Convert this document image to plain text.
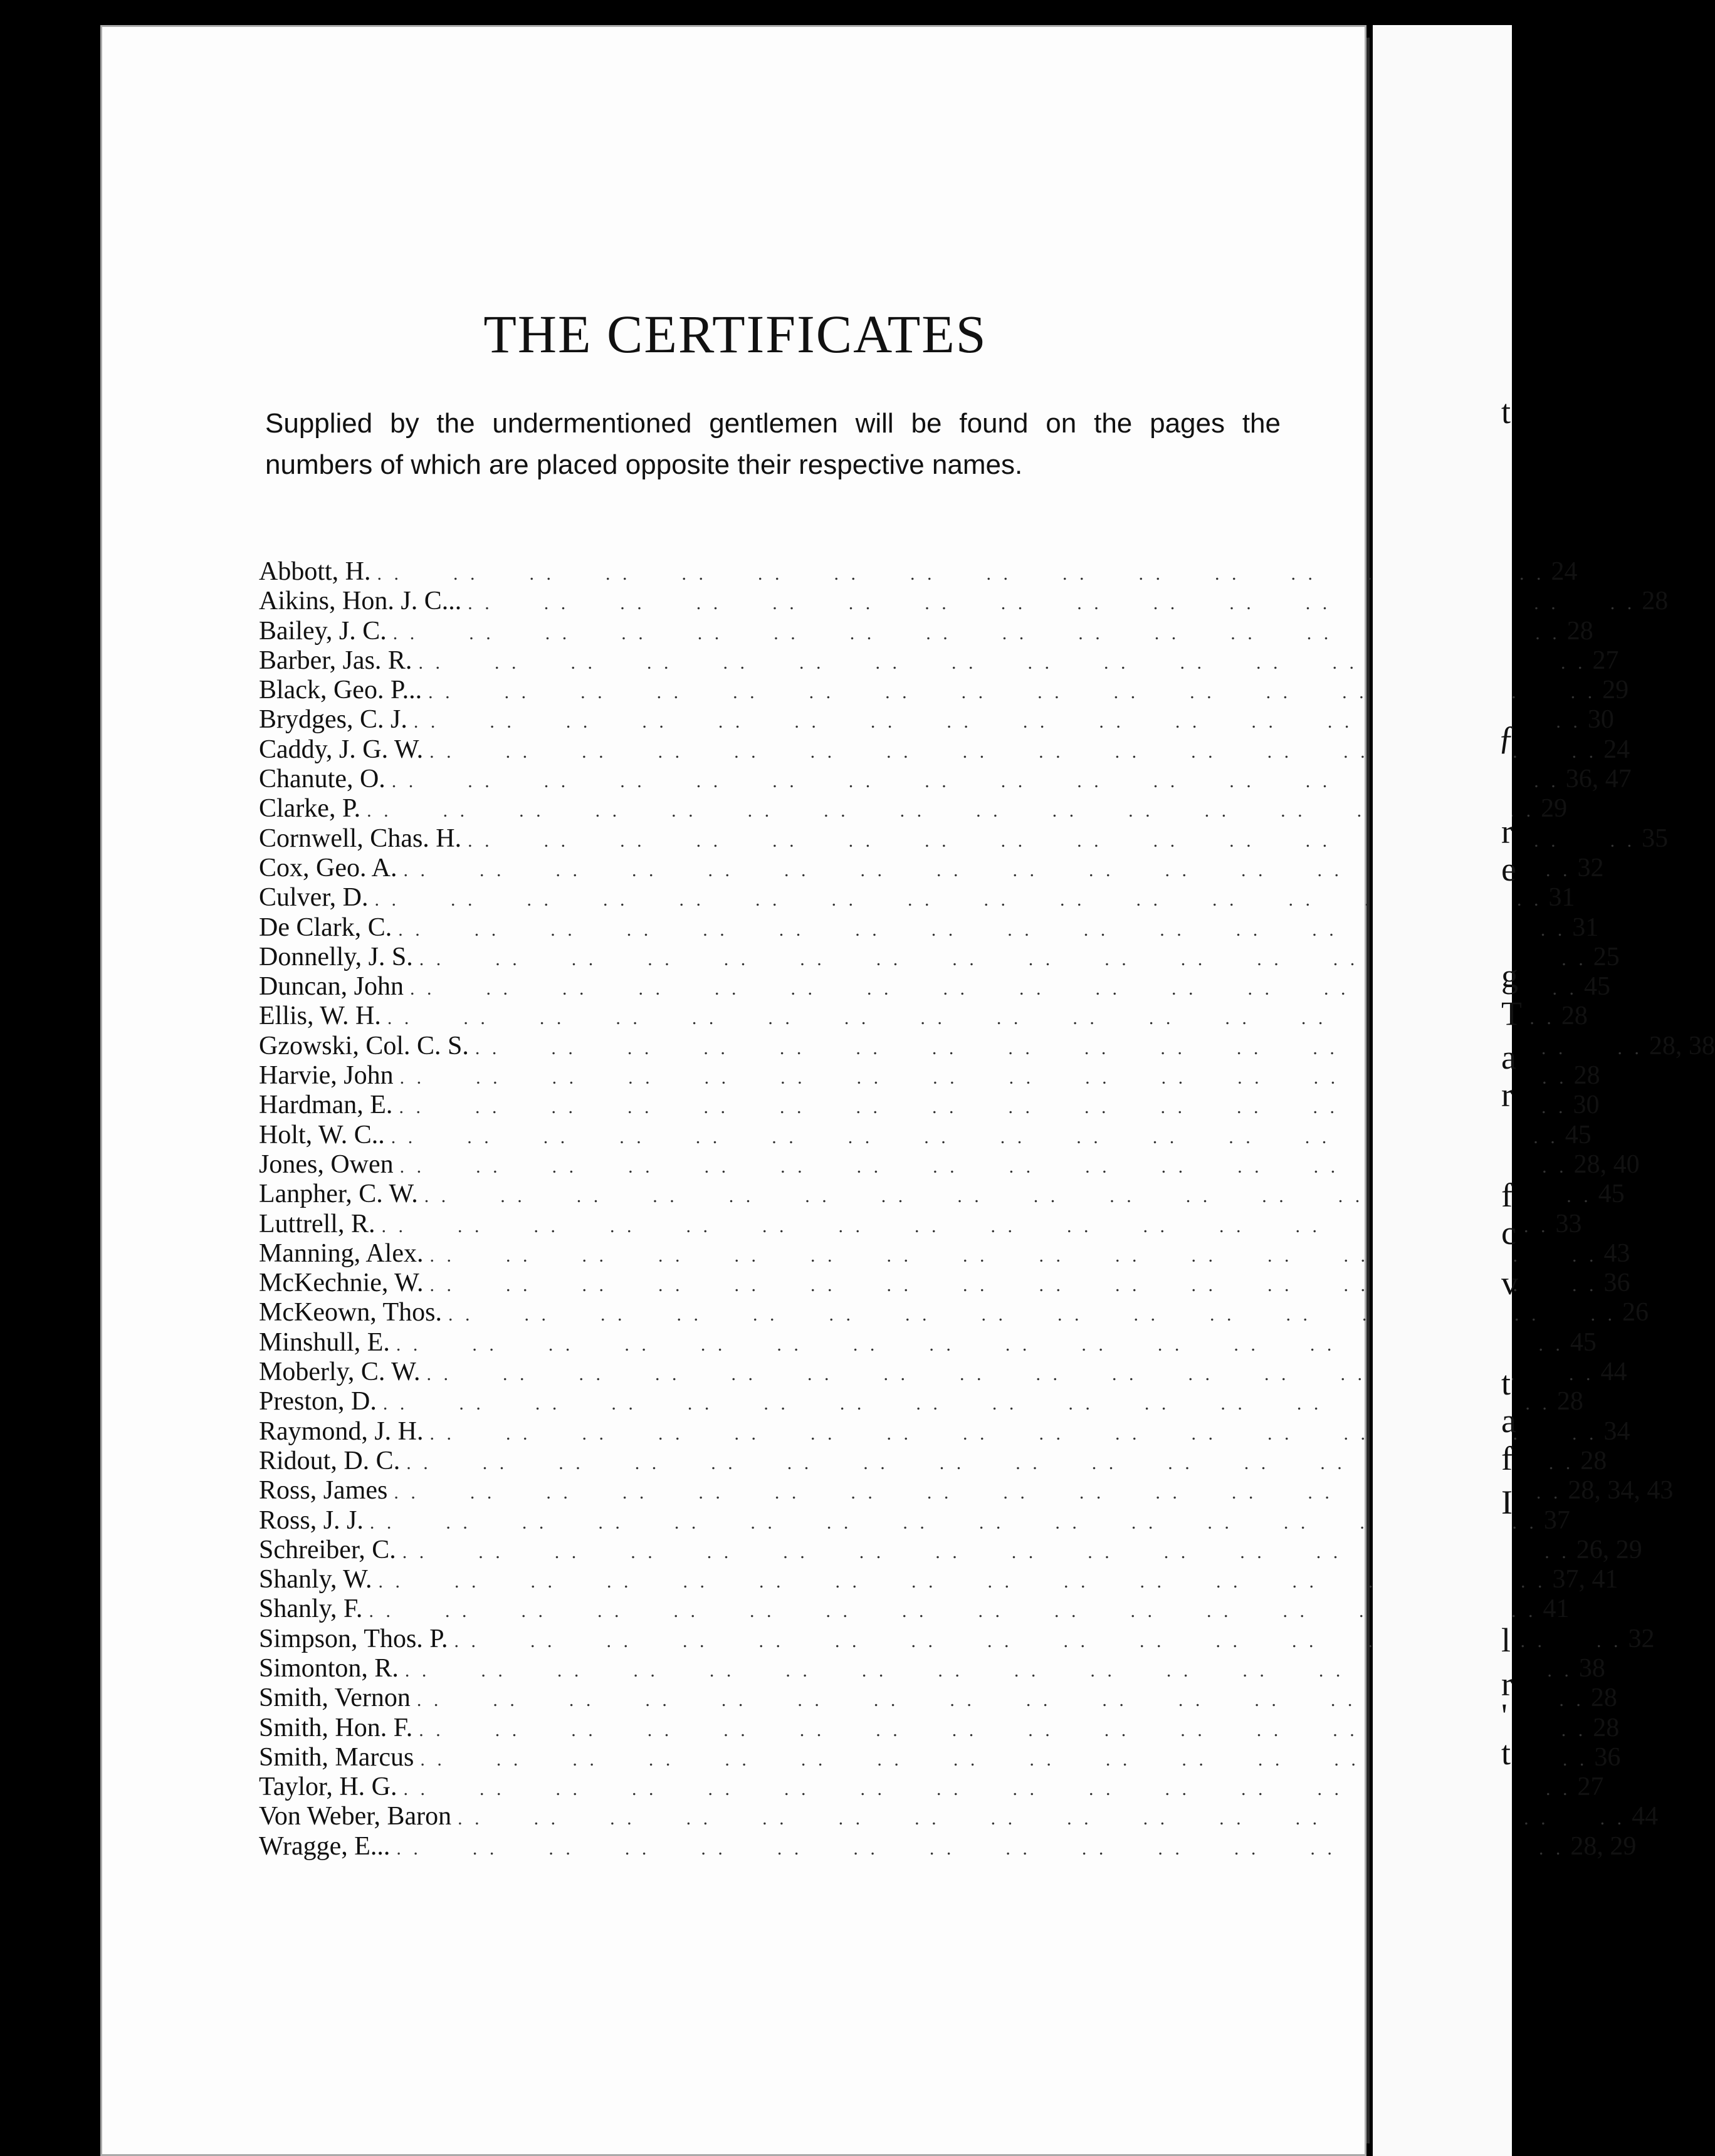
THE CERTIFICATES

Supplied by the undermentioned gentlemen will be found on the pages the numbers of which are placed opposite their respective names.

Abbott, H. . .	24
Aikins, Hon. J. C... . .	28
Bailey, J. C. . .	28
Barber, Jas. R. . .	27
Black, Geo. P... . .	29
Brydges, C. J. . .	30
Caddy, J. G. W. . .	24
Chanute, O. . .	36, 47
Clarke, P. . .	29
Cornwell, Chas. H. . .	35
Cox, Geo. A. . .	32
Culver, D. . .	31
De Clark, C. . .	31
Donnelly, J. S. . .	25
Duncan, John . .	45
Ellis, W. H. . .	28
Gzowski, Col. C. S. . .	28, 38
Harvie, John . .	28
Hardman, E. . .	30
Holt, W. C.. . .	45
Jones, Owen . .	28, 40
Lanpher, C. W. . .	45
Luttrell, R. . .	33
Manning, Alex. . .	43
McKechnie, W. . .	36
McKeown, Thos. . .	26
Minshull, E. . .	45
Moberly, C. W. . .	44
Preston, D. . .	28
Raymond, J. H. . .	34
Ridout, D. C. . .	28
Ross, James . .	28, 34, 43
Ross, J. J. . .	37
Schreiber, C. . .	26, 29
Shanly, W. . .	37, 41
Shanly, F. . .	41
Simpson, Thos. P. . .	32
Simonton, R. . .	38
Smith, Vernon . .	28
Smith, Hon. F. . .	28
Smith, Marcus . .	36
Taylor, H. G. . .	27
Von Weber, Baron . .	44
Wragge, E... . .	28, 29
t
ƒ
r
e
g
T
a
r
f
c
v
t
a
f
I
l
r
'
t
